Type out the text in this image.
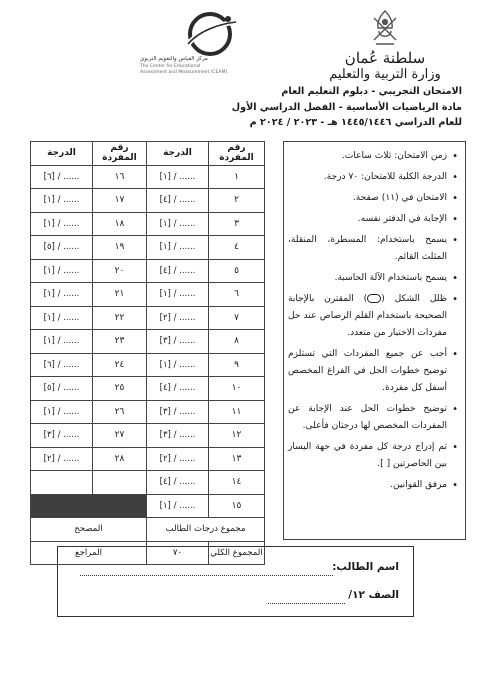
سلطنة عُمان
وزارة التربية والتعليم
مركز القياس والتقويم التربوي
The Center for Educational Assessment and Measurement (CEAM)
الامتحان التجريبي - دبلوم التعليم العام
مادة الرياضيات الأساسية - الفصل الدراسي الأول
للعام الدراسي ١٤٤٥/١٤٤٦ هـ - ٢٠٢٣ / ٢٠٢٤ م
• زمن الامتحان: ثلاث ساعات.
• الدرجة الكلية للامتحان: ٧٠ درجة.
• الامتحان في (١١) صفحة.
• الإجابة في الدفتر نفسه.
• يسمح باستخدام: المسطرة، المنقلة، المثلث القائم.
• يسمح باستخدام الآلة الحاسبة.
• ظلل الشكل () المقترن بالإجابة الصحيحة باستخدام القلم الرصاص عند حل مفردات الاختيار من متعدد.
• أجب عن جميع المفردات التي تستلزم توضيح خطوات الحل في الفراغ المخصص أسفل كل مفردة.
• توضيح خطوات الحل عند الإجابة عن المفردات المخصص لها درجتان فأعلى.
• تم إدراج درجة كل مفردة في جهة اليسار بين الحاصرتين [ ].
• مرفق القوانين.
رقم المفردة	الدرجة	رقم المفردة	الدرجة
١	...... / [١]	١٦	...... / [٦]
٢	...... / [٤]	١٧	...... / [١]
٣	...... / [١]	١٨	...... / [١]
٤	...... / [١]	١٩	...... / [٥]
٥	...... / [٤]	٢٠	...... / [١]
٦	...... / [١]	٢١	...... / [١]
٧	...... / [٢]	٢٢	...... / [١]
٨	...... / [٣]	٢٣	...... / [١]
٩	...... / [١]	٢٤	...... / [٦]
١٠	...... / [٤]	٢٥	...... / [٥]
١١	...... / [٣]	٢٦	...... / [١]
١٢	...... / [٣]	٢٧	...... / [٣]
١٣	...... / [٢]	٢٨	...... / [٢]
١٤	...... / [٤]		
١٥	...... / [١]		
مجموع درجات الطالب		المصحح	
المجموع الكلي	٧٠	المراجع	
اسم الطالب:
الصف ١٢/
